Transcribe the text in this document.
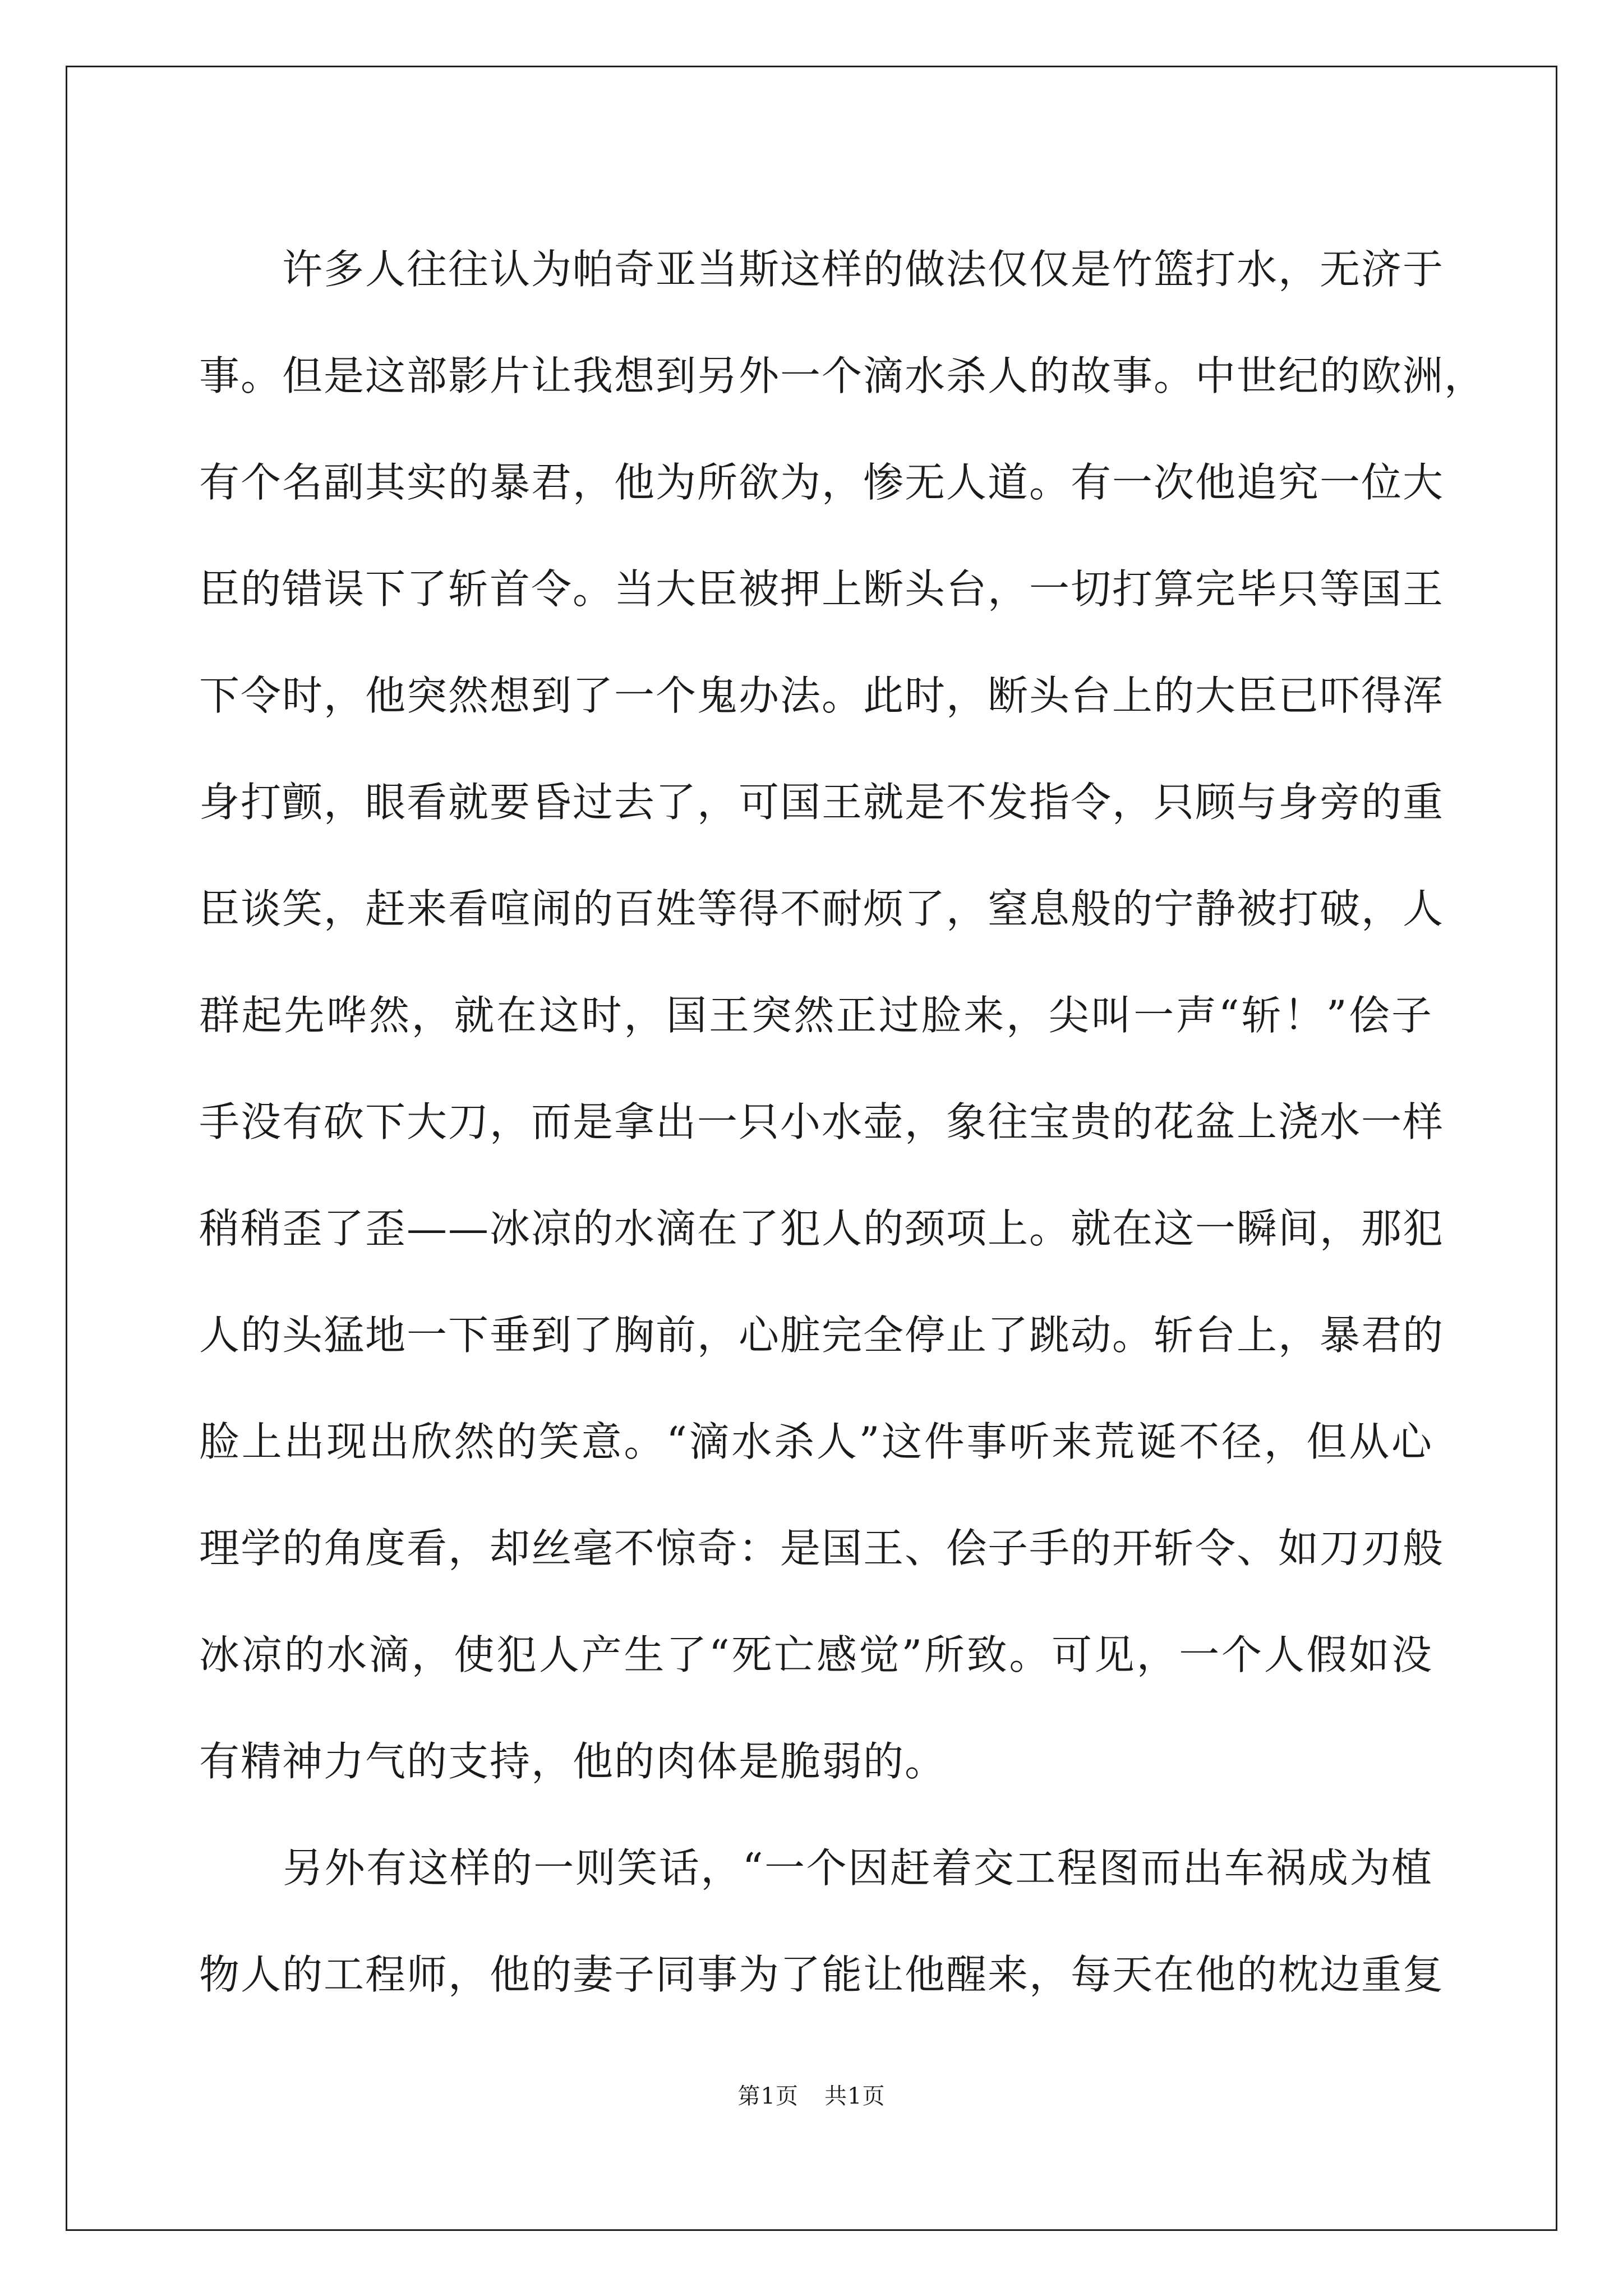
　　许多人往往认为帕奇亚当斯这样的做法仅仅是竹篮打水，无济于
事。但是这部影片让我想到另外一个滴水杀人的故事。中世纪的欧洲，
有个名副其实的暴君，他为所欲为，惨无人道。有一次他追究一位大
臣的错误下了斩首令。当大臣被押上断头台，一切打算完毕只等国王
下令时，他突然想到了一个鬼办法。此时，断头台上的大臣已吓得浑
身打颤，眼看就要昏过去了，可国王就是不发指令，只顾与身旁的重
臣谈笑，赶来看喧闹的百姓等得不耐烦了，窒息般的宁静被打破，人
群起先哗然，就在这时，国王突然正过脸来，尖叫一声“斩！”侩子
手没有砍下大刀，而是拿出一只小水壶，象往宝贵的花盆上浇水一样
稍稍歪了歪——冰凉的水滴在了犯人的颈项上。就在这一瞬间，那犯
人的头猛地一下垂到了胸前，心脏完全停止了跳动。斩台上，暴君的
脸上出现出欣然的笑意。“滴水杀人”这件事听来荒诞不径，但从心
理学的角度看，却丝毫不惊奇：是国王、侩子手的开斩令、如刀刃般
冰凉的水滴，使犯人产生了“死亡感觉”所致。可见，一个人假如没
有精神力气的支持，他的肉体是脆弱的。
　　另外有这样的一则笑话，“一个因赶着交工程图而出车祸成为植
物人的工程师，他的妻子同事为了能让他醒来，每天在他的枕边重复
第1页 共1页
